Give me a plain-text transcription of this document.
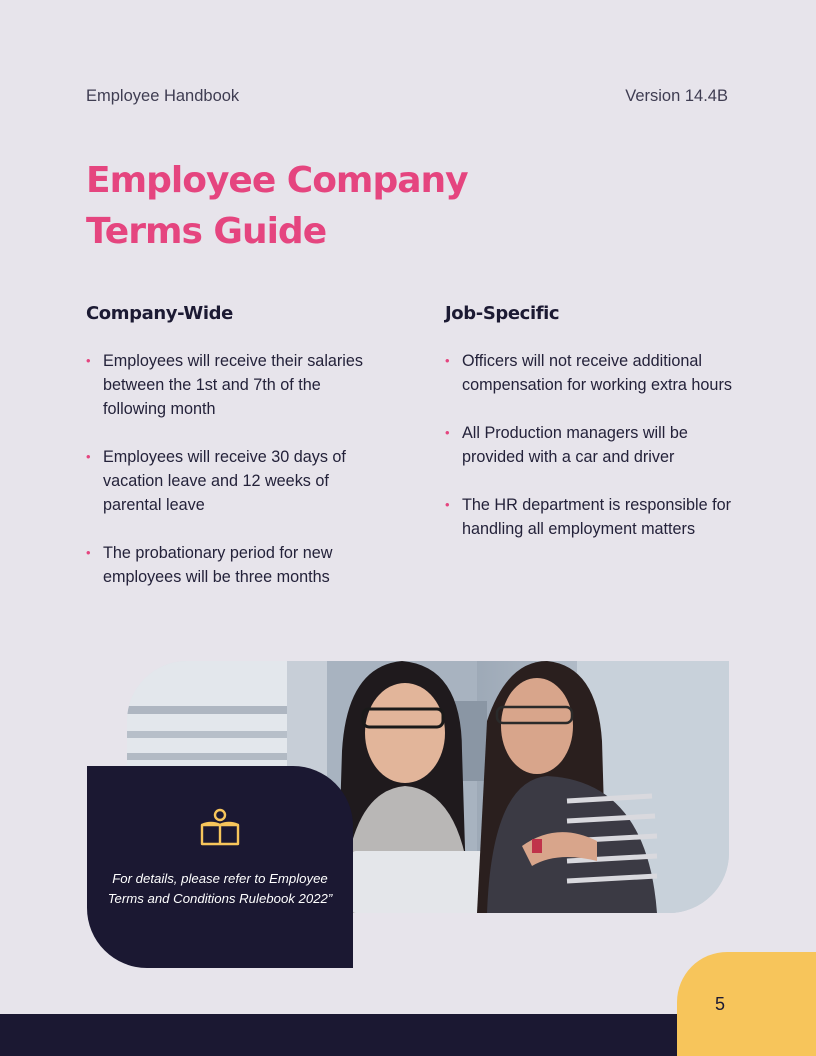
Employee Handbook	Version 14.4B
Employee Company
Terms Guide
Company-Wide
• Employees will receive their salaries between the 1st and 7th of the following month
• Employees will receive 30 days of vacation leave and 12 weeks of parental leave
• The probationary period for new employees will be three months
Job-Specific
• Officers will not receive additional compensation for working extra hours
• All Production managers will be provided with a car and driver
• The HR department is responsible for handling all employment matters

For details, please refer to Employee Terms and Conditions Rulebook 2022”

5
